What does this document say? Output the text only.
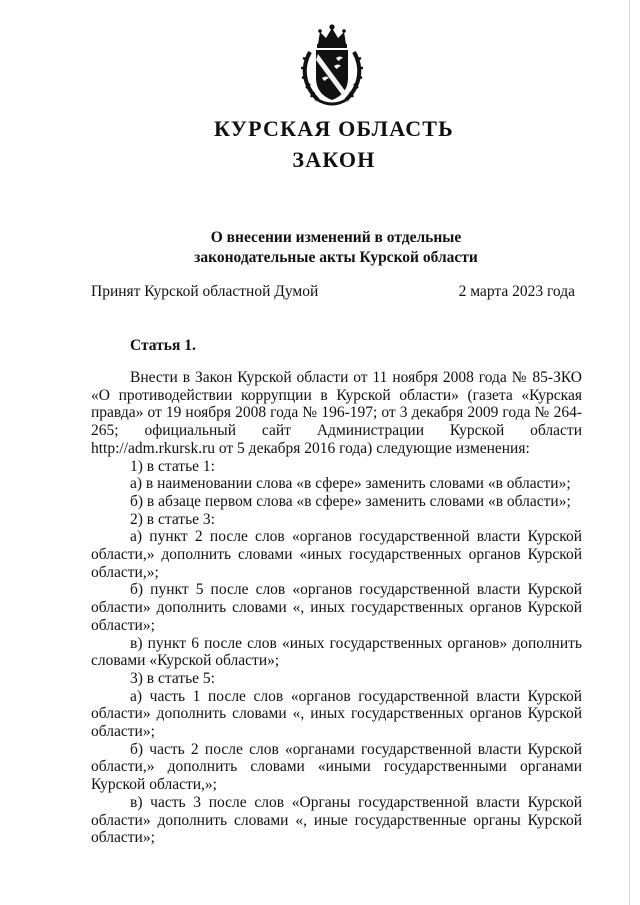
КУРСКАЯ ОБЛАСТЬ
ЗАКОН
О внесении изменений в отдельные
законодательные акты Курской области
Принят Курской областной Думой	2 марта 2023 года
Статья 1.

Внести в Закон Курской области от 11 ноября 2008 года № 85-ЗКО «О противодействии коррупции в Курской области» (газета «Курская правда» от 19 ноября 2008 года № 196-197; от 3 декабря 2009 года № 264-265; официальный сайт Администрации Курской области http://adm.rkursk.ru от 5 декабря 2016 года) следующие изменения:

1) в статье 1:

а) в наименовании слова «в сфере» заменить словами «в области»;

б) в абзаце первом слова «в сфере» заменить словами «в области»;

2) в статье 3:

а) пункт 2 после слов «органов государственной власти Курской области,» дополнить словами «иных государственных органов Курской области,»;

б) пункт 5 после слов «органов государственной власти Курской области» дополнить словами «, иных государственных органов Курской области»;

в) пункт 6 после слов «иных государственных органов» дополнить словами «Курской области»;

3) в статье 5:

а) часть 1 после слов «органов государственной власти Курской области» дополнить словами «, иных государственных органов Курской области»;

б) часть 2 после слов «органами государственной власти Курской области,» дополнить словами «иными государственными органами Курской области,»;

в) часть 3 после слов «Органы государственной власти Курской области» дополнить словами «, иные государственные органы Курской области»;
